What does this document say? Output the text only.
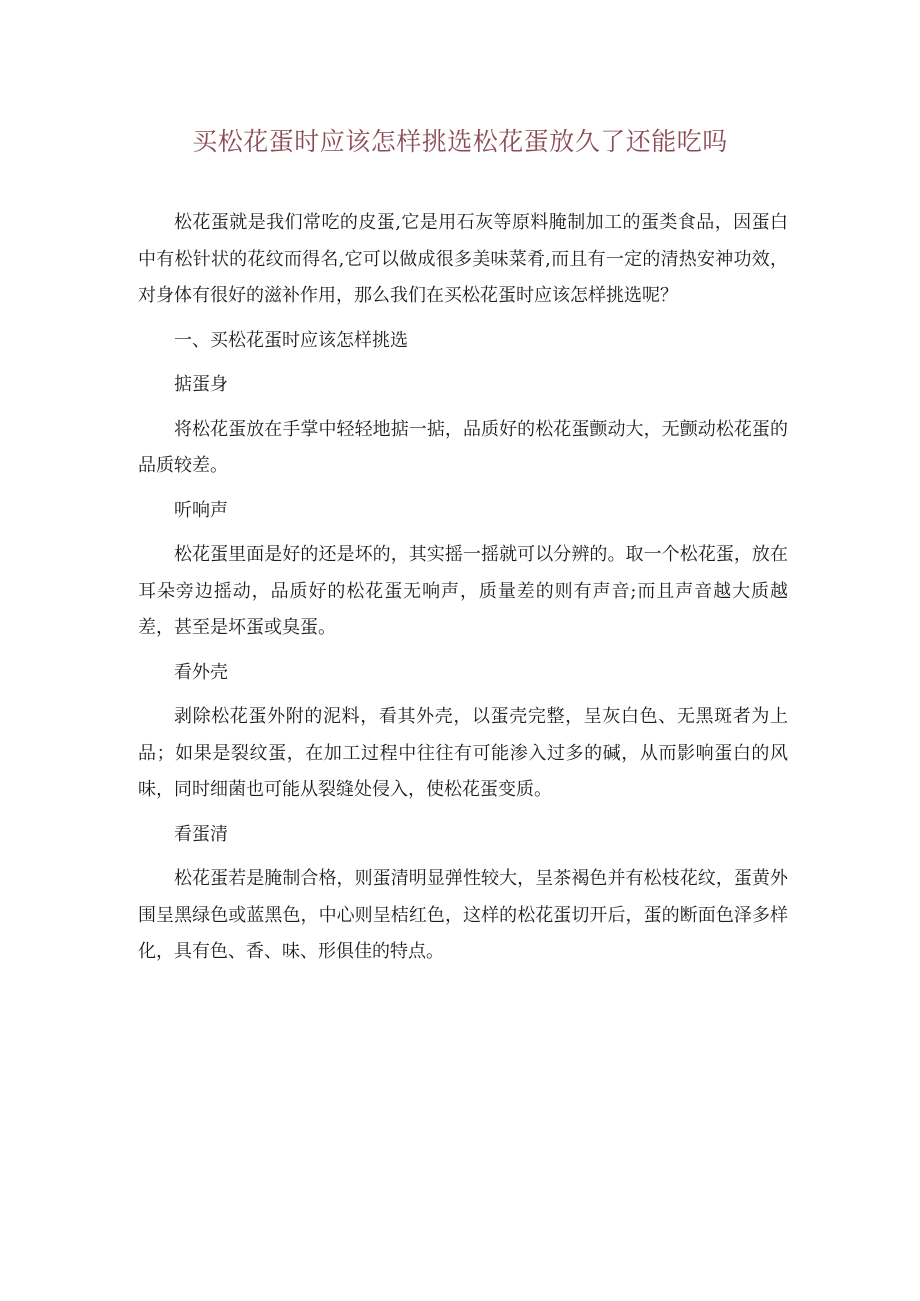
买松花蛋时应该怎样挑选松花蛋放久了还能吃吗

松花蛋就是我们常吃的皮蛋,它是用石灰等原料腌制加工的蛋类食品，因蛋白中有松针状的花纹而得名,它可以做成很多美味菜肴,而且有一定的清热安神功效，对身体有很好的滋补作用，那么我们在买松花蛋时应该怎样挑选呢？

一、买松花蛋时应该怎样挑选

掂蛋身

将松花蛋放在手掌中轻轻地掂一掂，品质好的松花蛋颤动大，无颤动松花蛋的品质较差。

听响声

松花蛋里面是好的还是坏的，其实摇一摇就可以分辨的。取一个松花蛋，放在耳朵旁边摇动，品质好的松花蛋无响声，质量差的则有声音;而且声音越大质越差，甚至是坏蛋或臭蛋。

看外壳

剥除松花蛋外附的泥料，看其外壳，以蛋壳完整，呈灰白色、无黑斑者为上品；如果是裂纹蛋，在加工过程中往往有可能渗入过多的碱，从而影响蛋白的风味，同时细菌也可能从裂缝处侵入，使松花蛋变质。

看蛋清

松花蛋若是腌制合格，则蛋清明显弹性较大，呈茶褐色并有松枝花纹，蛋黄外围呈黑绿色或蓝黑色，中心则呈桔红色，这样的松花蛋切开后，蛋的断面色泽多样化，具有色、香、味、形俱佳的特点。
